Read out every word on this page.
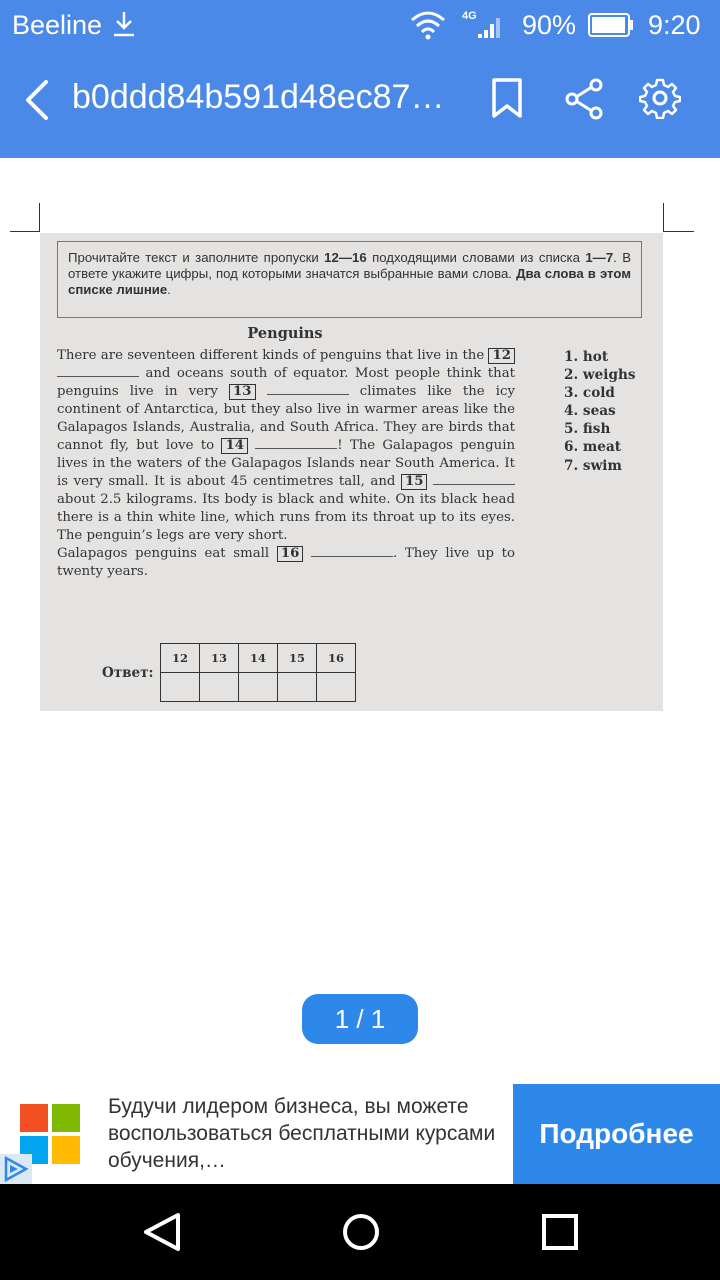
Beeline	4G 90%	9:20
b0ddd84b591d48ec87…
Прочитайте текст и заполните пропуски 12—16 подходящими словами из списка 1—7. В ответе укажите цифры, под которыми значатся выбранные вами слова. Два слова в этом списке лишние.
Penguins
There are seventeen different kinds of penguins that live in the 12  and oceans south of equator. Most people think that penguins live in very 13	climates like the icy continent of Antarctica, but they also live in warmer areas like the Galapagos Islands, Australia, and South Africa. They are birds that cannot fly, but love to 14	! The Galapagos penguin lives in the waters of the Galapagos Islands near South America. It is very small. It is about 45 centimetres tall, and 15  about 2.5 kilograms. Its body is black and white. On its black head there is a thin white line, which runs from its throat up to its eyes. The penguin’s legs are very short.
Galapagos penguins eat small 16	. They live up to twenty years.
1. hot
2. weighs
3. cold
4. seas
5. fish
6. meat
7. swim
Ответ:
12	13	14	15	16

1 / 1
Будучи лидером бизнеса, вы можете воспользоваться бесплатными курсами обучения,…
Подробнее
